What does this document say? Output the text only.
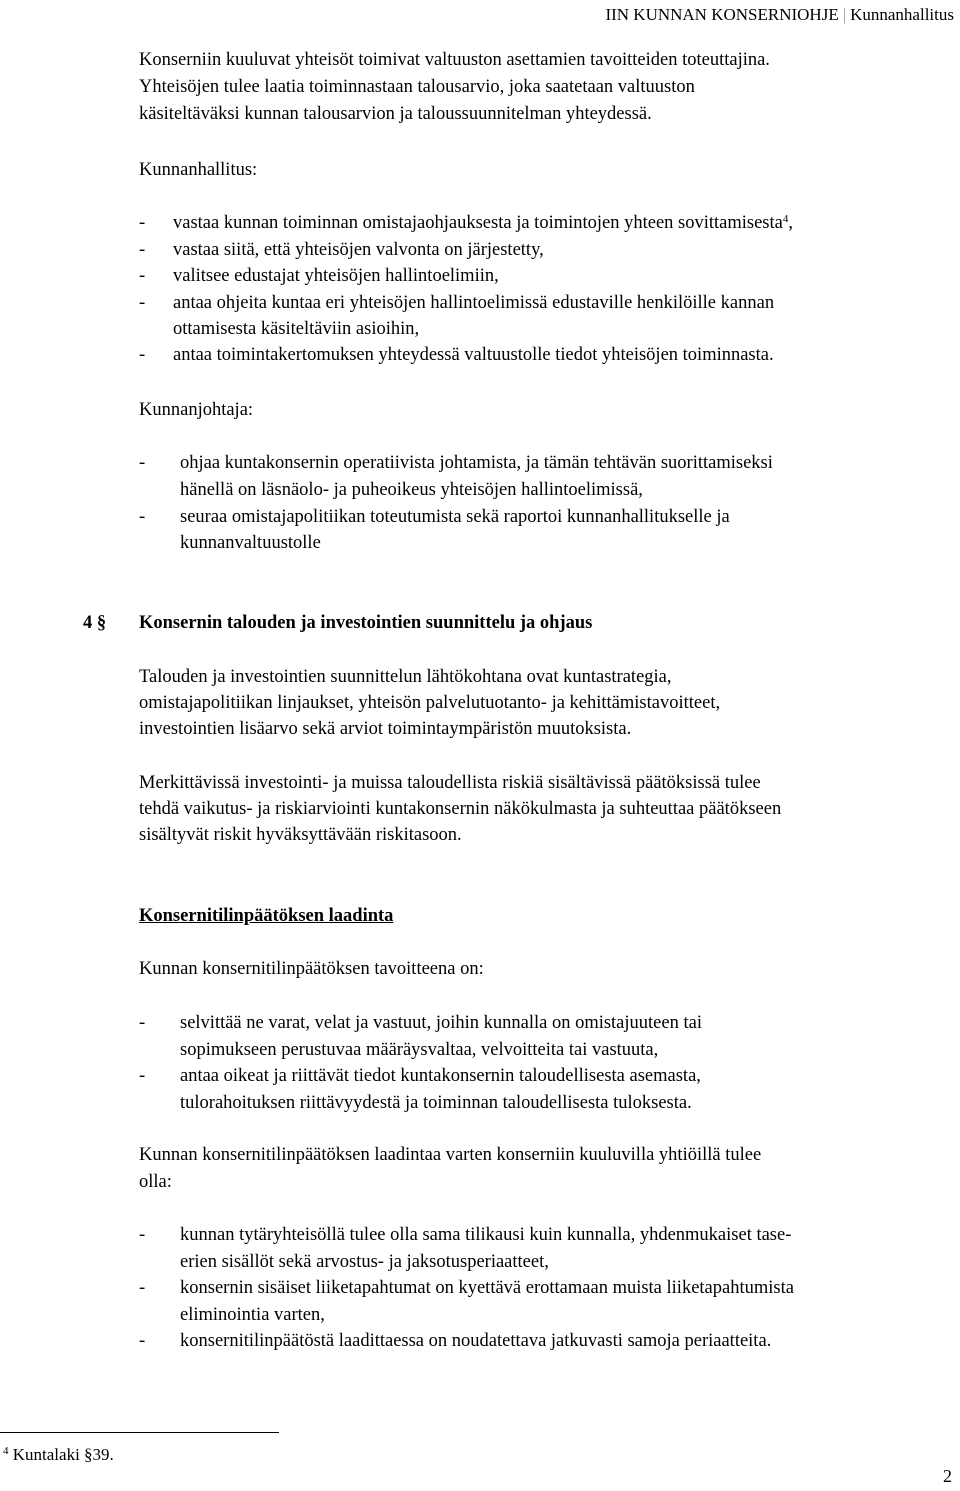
IIN KUNNAN KONSERNIOHJE | Kunnanhallitus
Konserniin kuuluvat yhteisöt toimivat valtuuston asettamien tavoitteiden toteuttajina.
Yhteisöjen tulee laatia toiminnastaan talousarvio, joka saatetaan valtuuston
käsiteltäväksi kunnan talousarvion ja taloussuunnitelman yhteydessä.
Kunnanhallitus:
- vastaa kunnan toiminnan omistajaohjauksesta ja toimintojen yhteen sovittamisesta$^4$,
- vastaa siitä, että yhteisöjen valvonta on järjestetty,
- valitsee edustajat yhteisöjen hallintoelimiin,
- antaa ohjeita kuntaa eri yhteisöjen hallintoelimissä edustaville henkilöille kannan
ottamisesta käsiteltäviin asioihin,
- antaa toimintakertomuksen yhteydessä valtuustolle tiedot yhteisöjen toiminnasta.
Kunnanjohtaja:
- ohjaa kuntakonsernin operatiivista johtamista, ja tämän tehtävän suorittamiseksi
hänellä on läsnäolo- ja puheoikeus yhteisöjen hallintoelimissä,
- seuraa omistajapolitiikan toteutumista sekä raportoi kunnanhallitukselle ja
kunnanvaltuustolle
4 § Konsernin talouden ja investointien suunnittelu ja ohjaus
Talouden ja investointien suunnittelun lähtökohtana ovat kuntastrategia,
omistajapolitiikan linjaukset, yhteisön palvelutuotanto- ja kehittämistavoitteet,
investointien lisäarvo sekä arviot toimintaympäristön muutoksista.
Merkittävissä investointi- ja muissa taloudellista riskiä sisältävissä päätöksissä tulee
tehdä vaikutus- ja riskiarviointi kuntakonsernin näkökulmasta ja suhteuttaa päätökseen
sisältyvät riskit hyväksyttävään riskitasoon.
Konsernitilinpäätöksen laadinta
Kunnan konsernitilinpäätöksen tavoitteena on:
- selvittää ne varat, velat ja vastuut, joihin kunnalla on omistajuuteen tai
sopimukseen perustuvaa määräysvaltaa, velvoitteita tai vastuuta,
- antaa oikeat ja riittävät tiedot kuntakonsernin taloudellisesta asemasta,
tulorahoituksen riittävyydestä ja toiminnan taloudellisesta tuloksesta.
Kunnan konsernitilinpäätöksen laadintaa varten konserniin kuuluvilla yhtiöillä tulee
olla:
- kunnan tytäryhteisöllä tulee olla sama tilikausi kuin kunnalla, yhdenmukaiset tase-
erien sisällöt sekä arvostus- ja jaksotusperiaatteet,
- konsernin sisäiset liiketapahtumat on kyettävä erottamaan muista liiketapahtumista
eliminointia varten,
- konsernitilinpäätöstä laadittaessa on noudatettava jatkuvasti samoja periaatteita.
$^4$ Kuntalaki §39.
2
